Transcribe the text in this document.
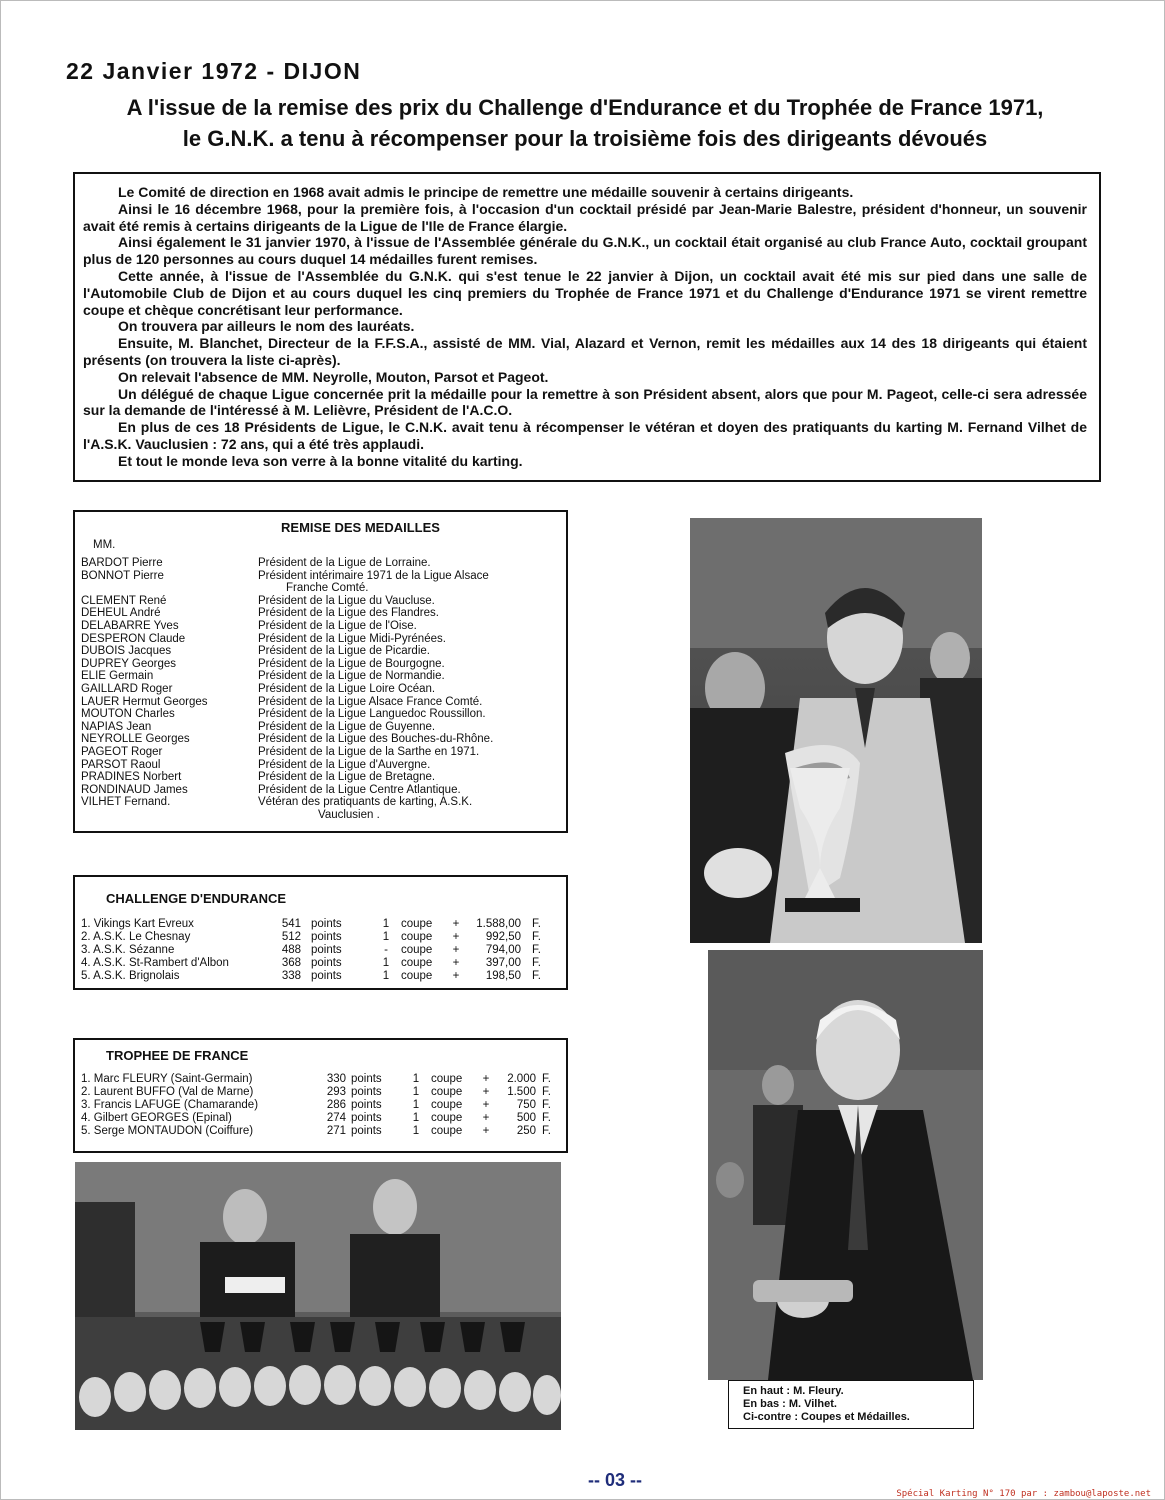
22 Janvier 1972 - DIJON
A l'issue de la remise des prix du Challenge d'Endurance et du Trophée de France 1971,
le G.N.K. a tenu à récompenser pour la troisième fois des dirigeants dévoués

Le Comité de direction en 1968 avait admis le principe de remettre une médaille souvenir à certains dirigeants.

Ainsi le 16 décembre 1968, pour la première fois, à l'occasion d'un cocktail présidé par Jean-Marie Balestre, président d'honneur, un souvenir avait été remis à certains dirigeants de la Ligue de l'Ile de France élargie.

Ainsi également le 31 janvier 1970, à l'issue de l'Assemblée générale du G.N.K., un cocktail était organisé au club France Auto, cocktail groupant plus de 120 personnes au cours duquel 14 médailles furent remises.

Cette année, à l'issue de l'Assemblée du G.N.K. qui s'est tenue le 22 janvier à Dijon, un cocktail avait été mis sur pied dans une salle de l'Automobile Club de Dijon et au cours duquel les cinq premiers du Trophée de France 1971 et du Challenge d'Endurance 1971 se virent remettre coupe et chèque concrétisant leur performance.

On trouvera par ailleurs le nom des lauréats.

Ensuite, M. Blanchet, Directeur de la F.F.S.A., assisté de MM. Vial, Alazard et Vernon, remit les médailles aux 14 des 18 dirigeants qui étaient présents (on trouvera la liste ci-après).

On relevait l'absence de MM. Neyrolle, Mouton, Parsot et Pageot.

Un délégué de chaque Ligue concernée prit la médaille pour la remettre à son Président absent, alors que pour M. Pageot, celle-ci sera adressée sur la demande de l'intéressé à M. Lelièvre, Président de l'A.C.O.

En plus de ces 18 Présidents de Ligue, le C.N.K. avait tenu à récompenser le vétéran et doyen des pratiquants du karting M. Fernand Vilhet de l'A.S.K. Vauclusien : 72 ans, qui a été très applaudi.

Et tout le monde leva son verre à la bonne vitalité du karting.

REMISE DES MEDAILLES
MM.
BARDOT Pierre	Président de la Ligue de Lorraine.
BONNOT Pierre	Président intérimaire 1971 de la Ligue Alsace
Franche Comté.
CLEMENT René	Président de la Ligue du Vaucluse.
DEHEUL André	Président de la Ligue des Flandres.
DELABARRE Yves	Président de la Ligue de l'Oise.
DESPERON Claude	Président de la Ligue Midi-Pyrénées.
DUBOIS Jacques	Président de la Ligue de Picardie.
DUPREY Georges	Président de la Ligue de Bourgogne.
ELIE Germain	Président de la Ligue de Normandie.
GAILLARD Roger	Président de la Ligue Loire Océan.
LAUER Hermut Georges	Président de la Ligue Alsace France Comté.
MOUTON Charles	Président de la Ligue Languedoc Roussillon.
NAPIAS Jean	Président de la Ligue de Guyenne.
NEYROLLE Georges	Président de la Ligue des Bouches-du-Rhône.
PAGEOT Roger	Président de la Ligue de la Sarthe en 1971.
PARSOT Raoul	Président de la Ligue d'Auvergne.
PRADINES Norbert	Président de la Ligue de Bretagne.
RONDINAUD James	Président de la Ligue Centre Atlantique.
VILHET Fernand.	Vétéran des pratiquants de karting, A.S.K.
Vauclusien .
CHALLENGE D'ENDURANCE
1. Vikings Kart Evreux	541 points	1	coupe	+	1.588,00 F.
2. A.S.K. Le Chesnay	512 points	1	coupe	+	992,50 F.
3. A.S.K. Sézanne	488 points	-	coupe	+	794,00 F.
4. A.S.K. St-Rambert d'Albon	368 points	1	coupe	+	397,00 F.
5. A.S.K. Brignolais	338 points	1	coupe	+	198,50 F.
TROPHEE DE FRANCE
1. Marc FLEURY (Saint-Germain)	330 points	1	coupe	+	2.000 F.
2. Laurent BUFFO (Val de Marne)	293 points	1	coupe	+	1.500 F.
3. Francis LAFUGE (Chamarande)	286 points	1	coupe	+	750 F.
4. Gilbert GEORGES (Epinal)	274 points	1	coupe	+	500 F.
5. Serge MONTAUDON (Coiffure)	271 points	1	coupe	+	250 F.
En haut : M. Fleury.
En bas : M. Vilhet.
Ci-contre : Coupes et Médailles.
-- 03 --
Spécial Karting N° 170 par : zambou@laposte.net
